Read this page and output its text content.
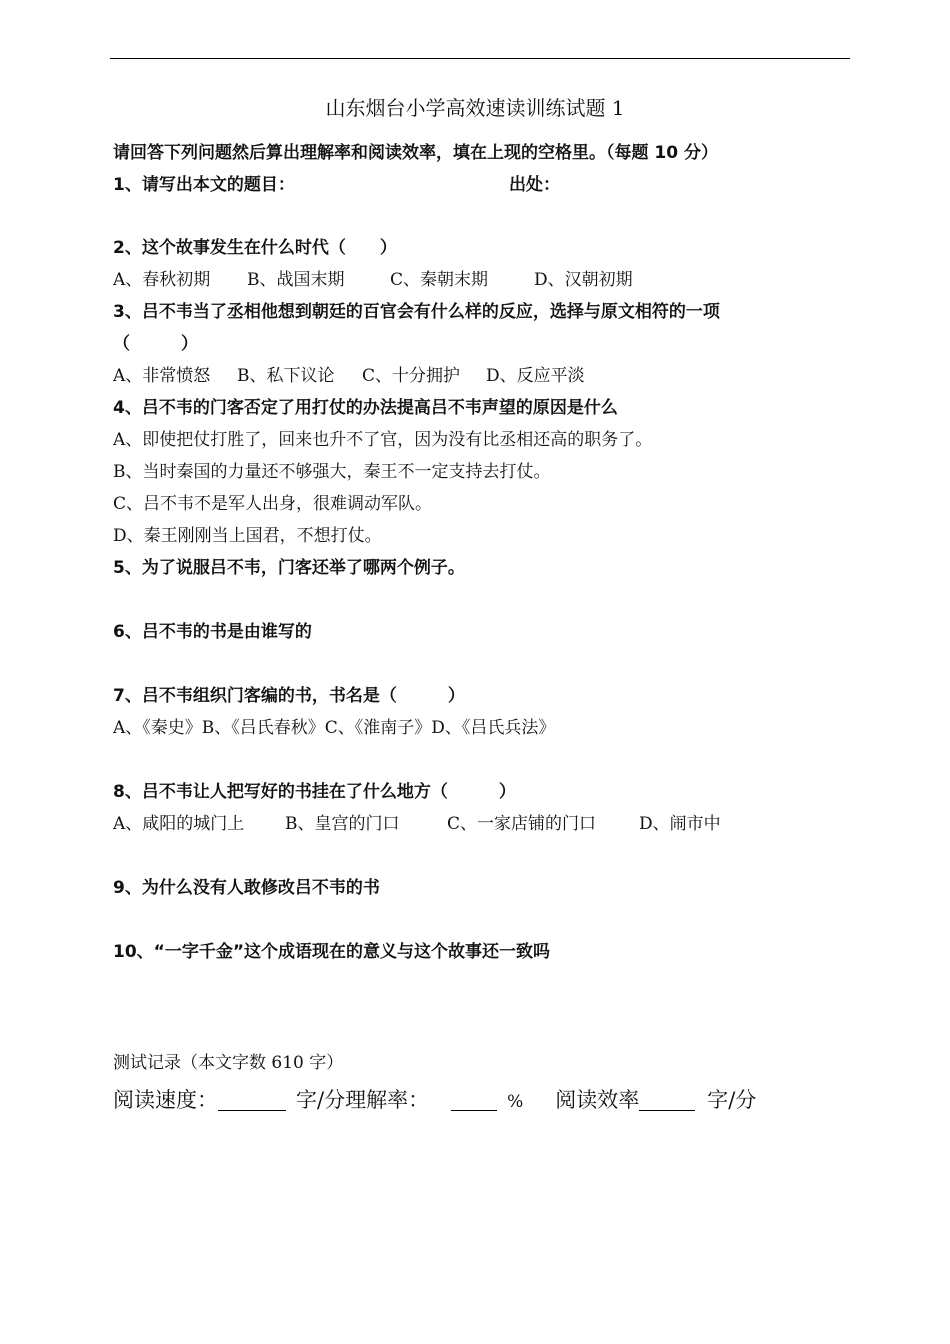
山东烟台小学高效速读训练试题 1
请回答下列问题然后算出理解率和阅读效率，填在上现的空格里。（每题 10 分）
1、请写出本文的题目：	出处：
2、这个故事发生在什么时代（　　）
A、春秋初期 B、战国末期	C、秦朝末期	D、汉朝初期
3、吕不韦当了丞相他想到朝廷的百官会有什么样的反应，选择与原文相符的一项
（　　　）
A、非常愤怒 B、私下议论 C、十分拥护 D、反应平淡
4、吕不韦的门客否定了用打仗的办法提高吕不韦声望的原因是什么
A、即使把仗打胜了，回来也升不了官，因为没有比丞相还高的职务了。
B、当时秦国的力量还不够强大，秦王不一定支持去打仗。
C、吕不韦不是军人出身，很难调动军队。
D、秦王刚刚当上国君，不想打仗。
5、为了说服吕不韦，门客还举了哪两个例子。
6、吕不韦的书是由谁写的
7、吕不韦组织门客编的书，书名是（　　　）
A、《秦史》B、《吕氏春秋》C、《淮南子》D、《吕氏兵法》
8、吕不韦让人把写好的书挂在了什么地方（　　　）
A、咸阳的城门上 B、皇宫的门口	C、一家店铺的门口	D、闹市中
9、为什么没有人敢修改吕不韦的书
10、“一字千金”这个成语现在的意义与这个故事还一致吗
测试记录（本文字数 610 字）
阅读速度：	字/分理解率：	% 阅读效率	字/分
